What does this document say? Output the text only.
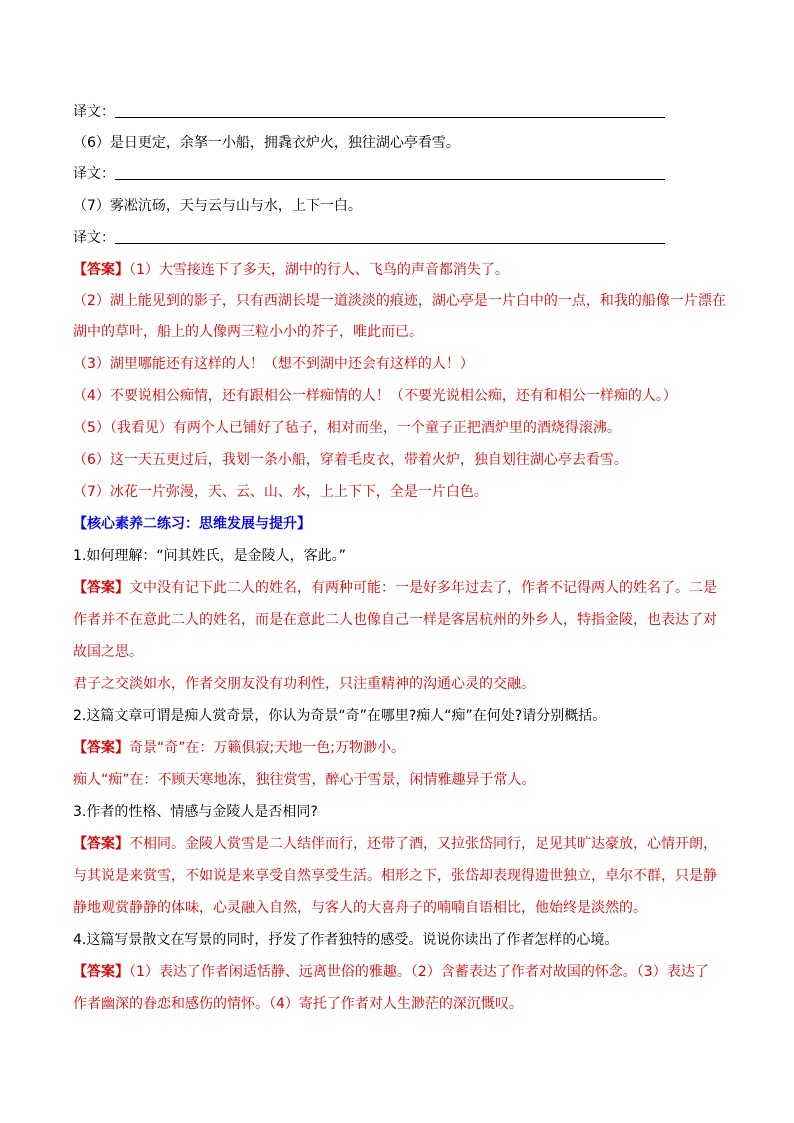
译文：
（6）是日更定，余拏一小船，拥毳衣炉火，独往湖心亭看雪。
译文：
（7）雾凇沆砀，天与云与山与水，上下一白。
译文：
【答案】（1）大雪接连下了多天，湖中的行人、飞鸟的声音都消失了。
（2）湖上能见到的影子，只有西湖长堤一道淡淡的痕迹，湖心亭是一片白中的一点，和我的船像一片漂在
湖中的草叶，船上的人像两三粒小小的芥子，唯此而已。
（3）湖里哪能还有这样的人！（想不到湖中还会有这样的人！）
（4）不要说相公痴情，还有跟相公一样痴情的人！（不要光说相公痴，还有和相公一样痴的人。）
（5）（我看见）有两个人已铺好了毡子，相对而坐，一个童子正把酒炉里的酒烧得滚沸。
（6）这一天五更过后，我划一条小船，穿着毛皮衣，带着火炉，独自划往湖心亭去看雪。
（7）冰花一片弥漫，天、云、山、水，上上下下，全是一片白色。
【核心素养二练习：思维发展与提升】
1.如何理解：“问其姓氏，是金陵人，客此。”
【答案】文中没有记下此二人的姓名，有两种可能：一是好多年过去了，作者不记得两人的姓名了。二是
作者并不在意此二人的姓名，而是在意此二人也像自己一样是客居杭州的外乡人，特指金陵，也表达了对
故国之思。
君子之交淡如水，作者交朋友没有功利性，只注重精神的沟通心灵的交融。
2.这篇文章可谓是痴人赏奇景，你认为奇景“奇”在哪里?痴人“痴”在何处?请分别概括。
【答案】奇景“奇”在：万籁俱寂;天地一色;万物渺小。
痴人“痴”在：不顾天寒地冻，独往赏雪，醉心于雪景，闲情雅趣异于常人。
3.作者的性格、情感与金陵人是否相同?
【答案】不相同。金陵人赏雪是二人结伴而行，还带了酒，又拉张岱同行，足见其旷达豪放，心情开朗，
与其说是来赏雪，不如说是来享受自然享受生活。相形之下，张岱却表现得遗世独立，卓尔不群，只是静
静地观赏静静的体味，心灵融入自然，与客人的大喜舟子的喃喃自语相比，他始终是淡然的。
4.这篇写景散文在写景的同时，抒发了作者独特的感受。说说你读出了作者怎样的心境。
【答案】（1）表达了作者闲适恬静、远离世俗的雅趣。（2）含蓄表达了作者对故国的怀念。（3）表达了
作者幽深的眷恋和感伤的情怀。（4）寄托了作者对人生渺茫的深沉慨叹。
